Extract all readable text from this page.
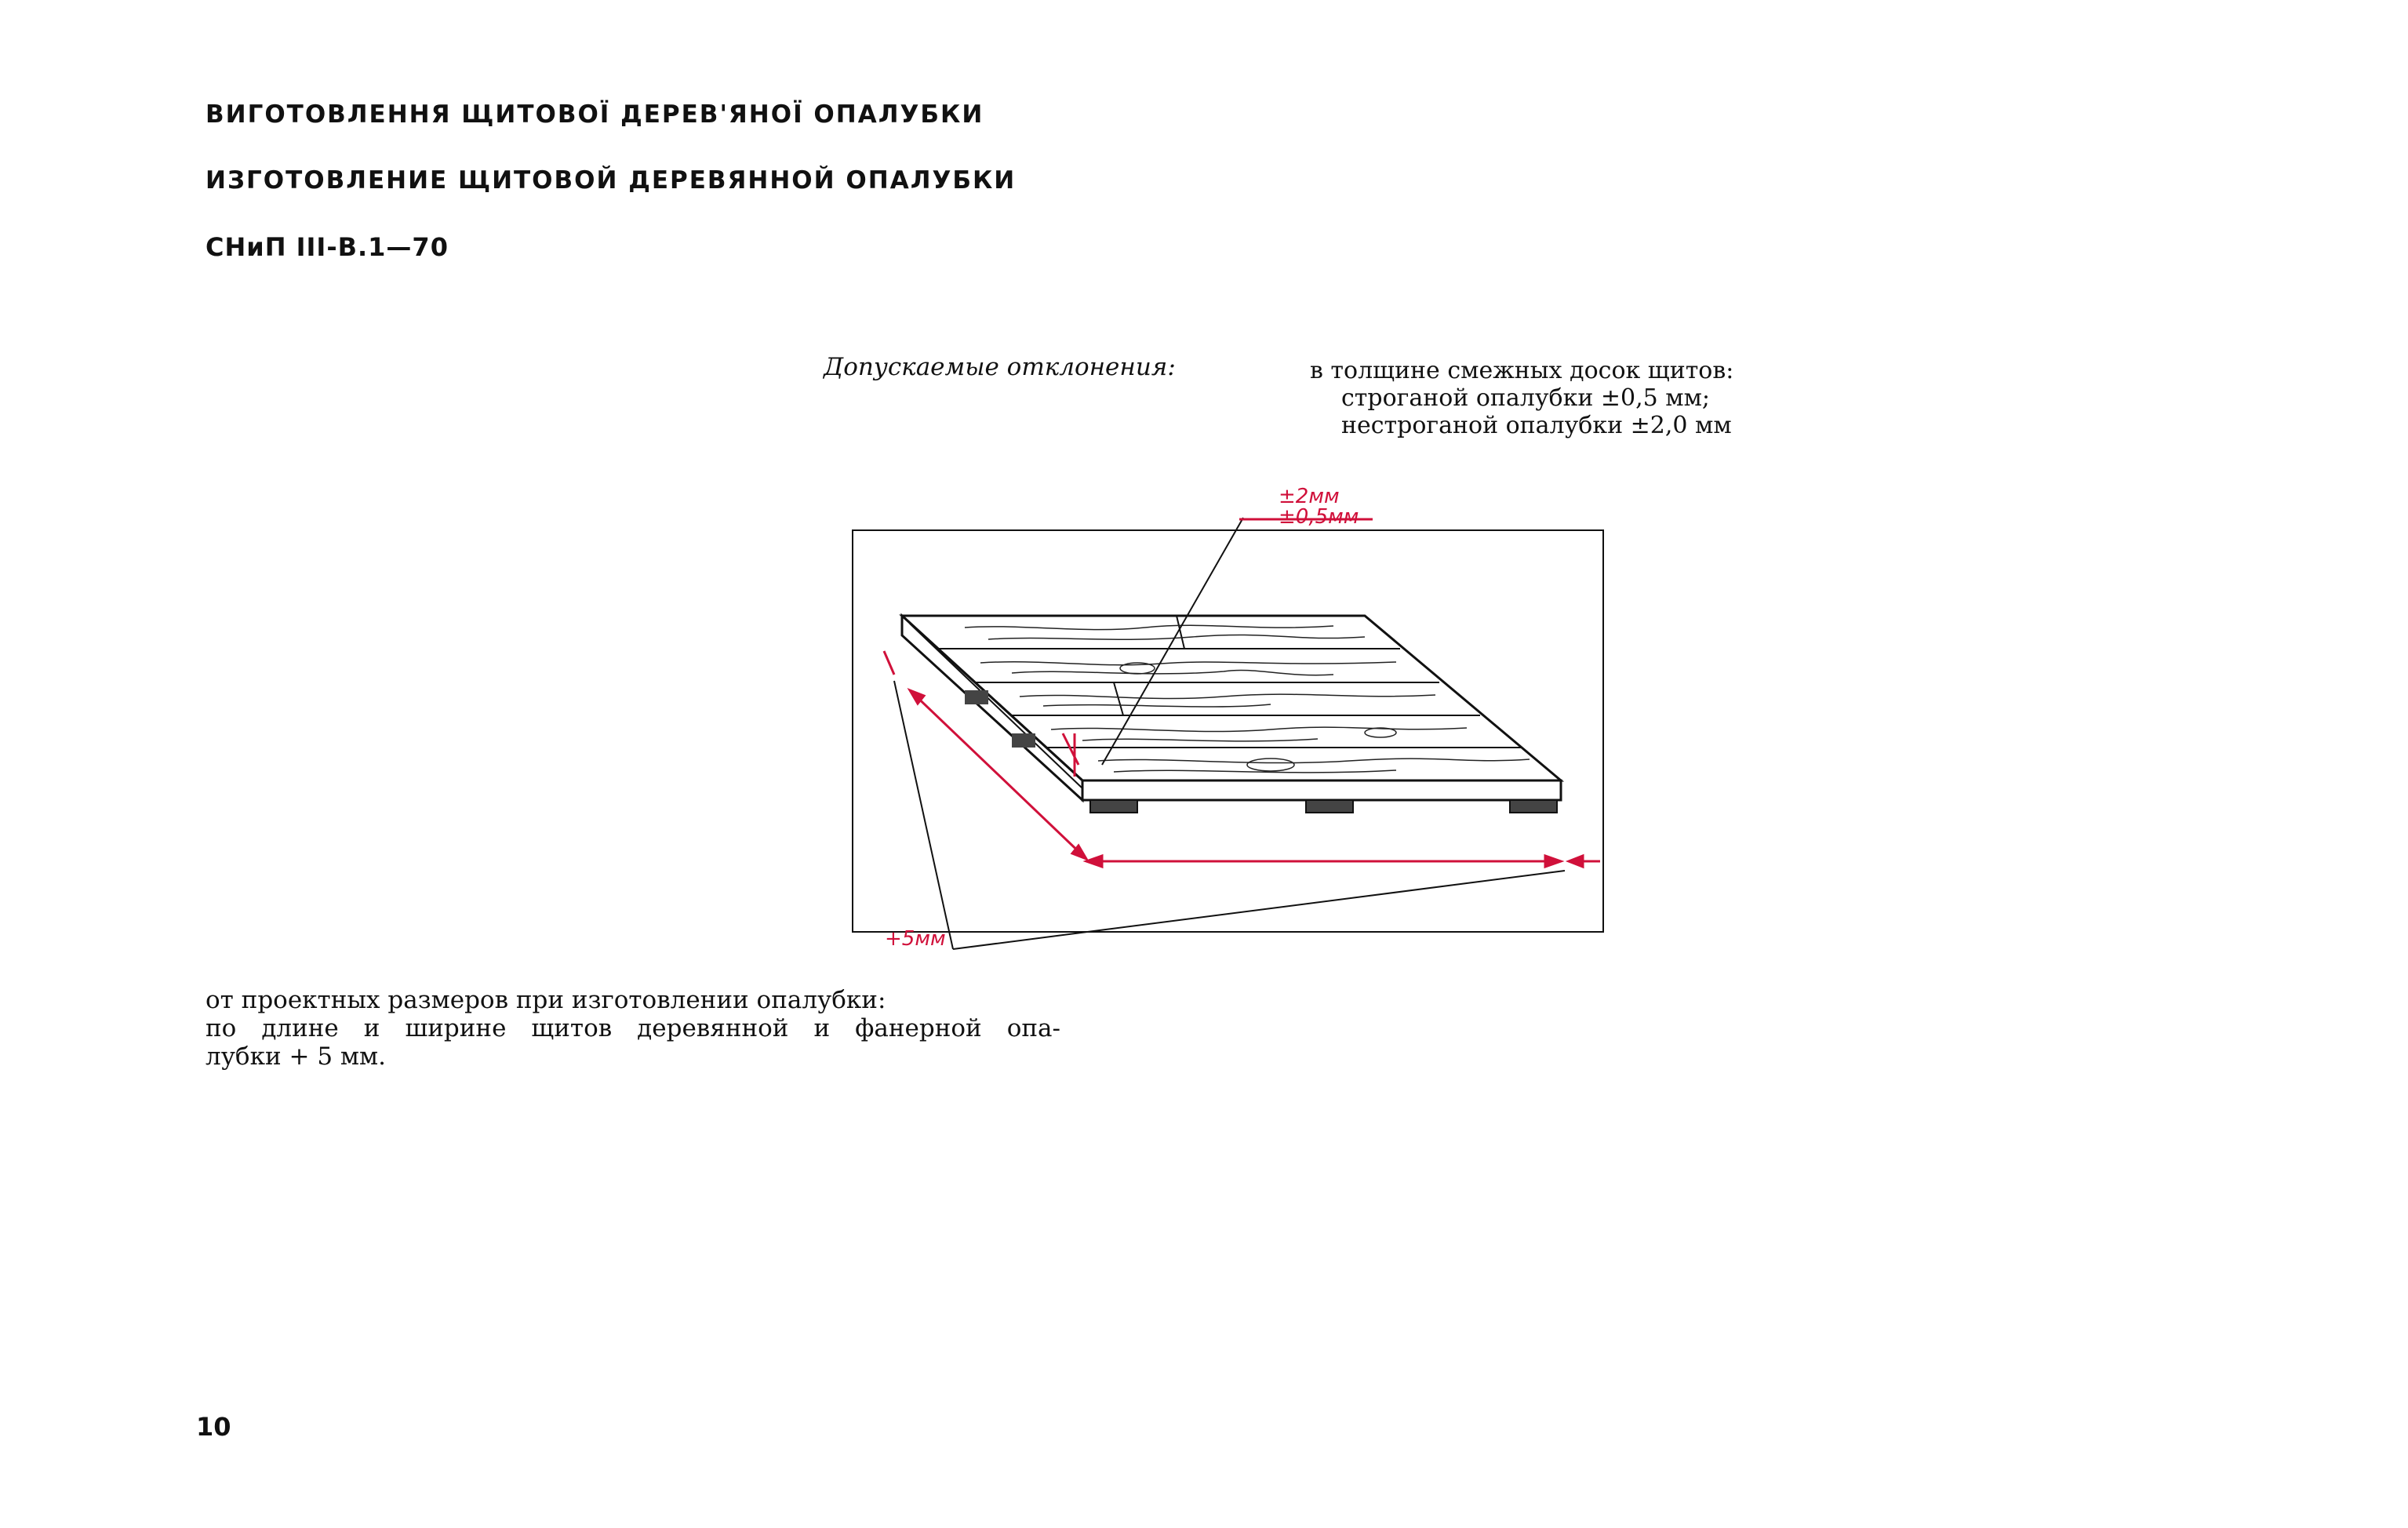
ВИГОТОВЛЕННЯ ЩИТОВОЇ ДЕРЕВ'ЯНОЇ ОПАЛУБКИ
ИЗГОТОВЛЕНИЕ ЩИТОВОЙ ДЕРЕВЯННОЙ ОПАЛУБКИ
СНиП III-В.1—70
Допускаемые отклонения:	в толщине смежных досок щитов:
строганой опалубки ±0,5 мм;
нестроганой опалубки ±2,0 мм
±2мм
±0,5мм
+5мм
от проектных размеров при изготовлении опалубки:
по длине и ширине щитов деревянной и фанерной опа-
лубки + 5 мм.
10
